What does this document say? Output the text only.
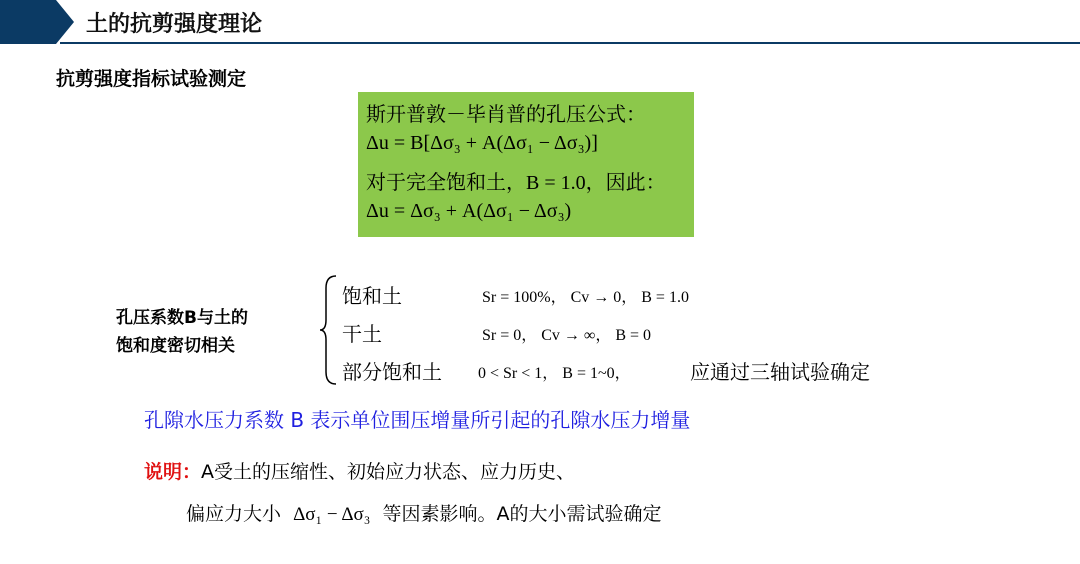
土的抗剪强度理论
抗剪强度指标试验测定
斯开普敦－毕肖普的孔压公式：
Δu = B[Δσ₃ + A(Δσ₁ − Δσ₃)]
对于完全饱和土，B = 1.0，因此：
Δu = Δσ₃ + A(Δσ₁ − Δσ₃)
孔压系数B与土的
饱和度密切相关
饱和土	Sr = 100%， Cv → 0， B = 1.0
干土	Sr = 0， Cv → ∞， B = 0
部分饱和土 0 < Sr < 1， B = 1~0，	应通过三轴试验确定
孔隙水压力系数 B 表示单位围压增量所引起的孔隙水压力增量
说明：A受土的压缩性、初始应力状态、应力历史、
偏应力大小 Δσ₁ − Δσ₃ 等因素影响。A的大小需试验确定
